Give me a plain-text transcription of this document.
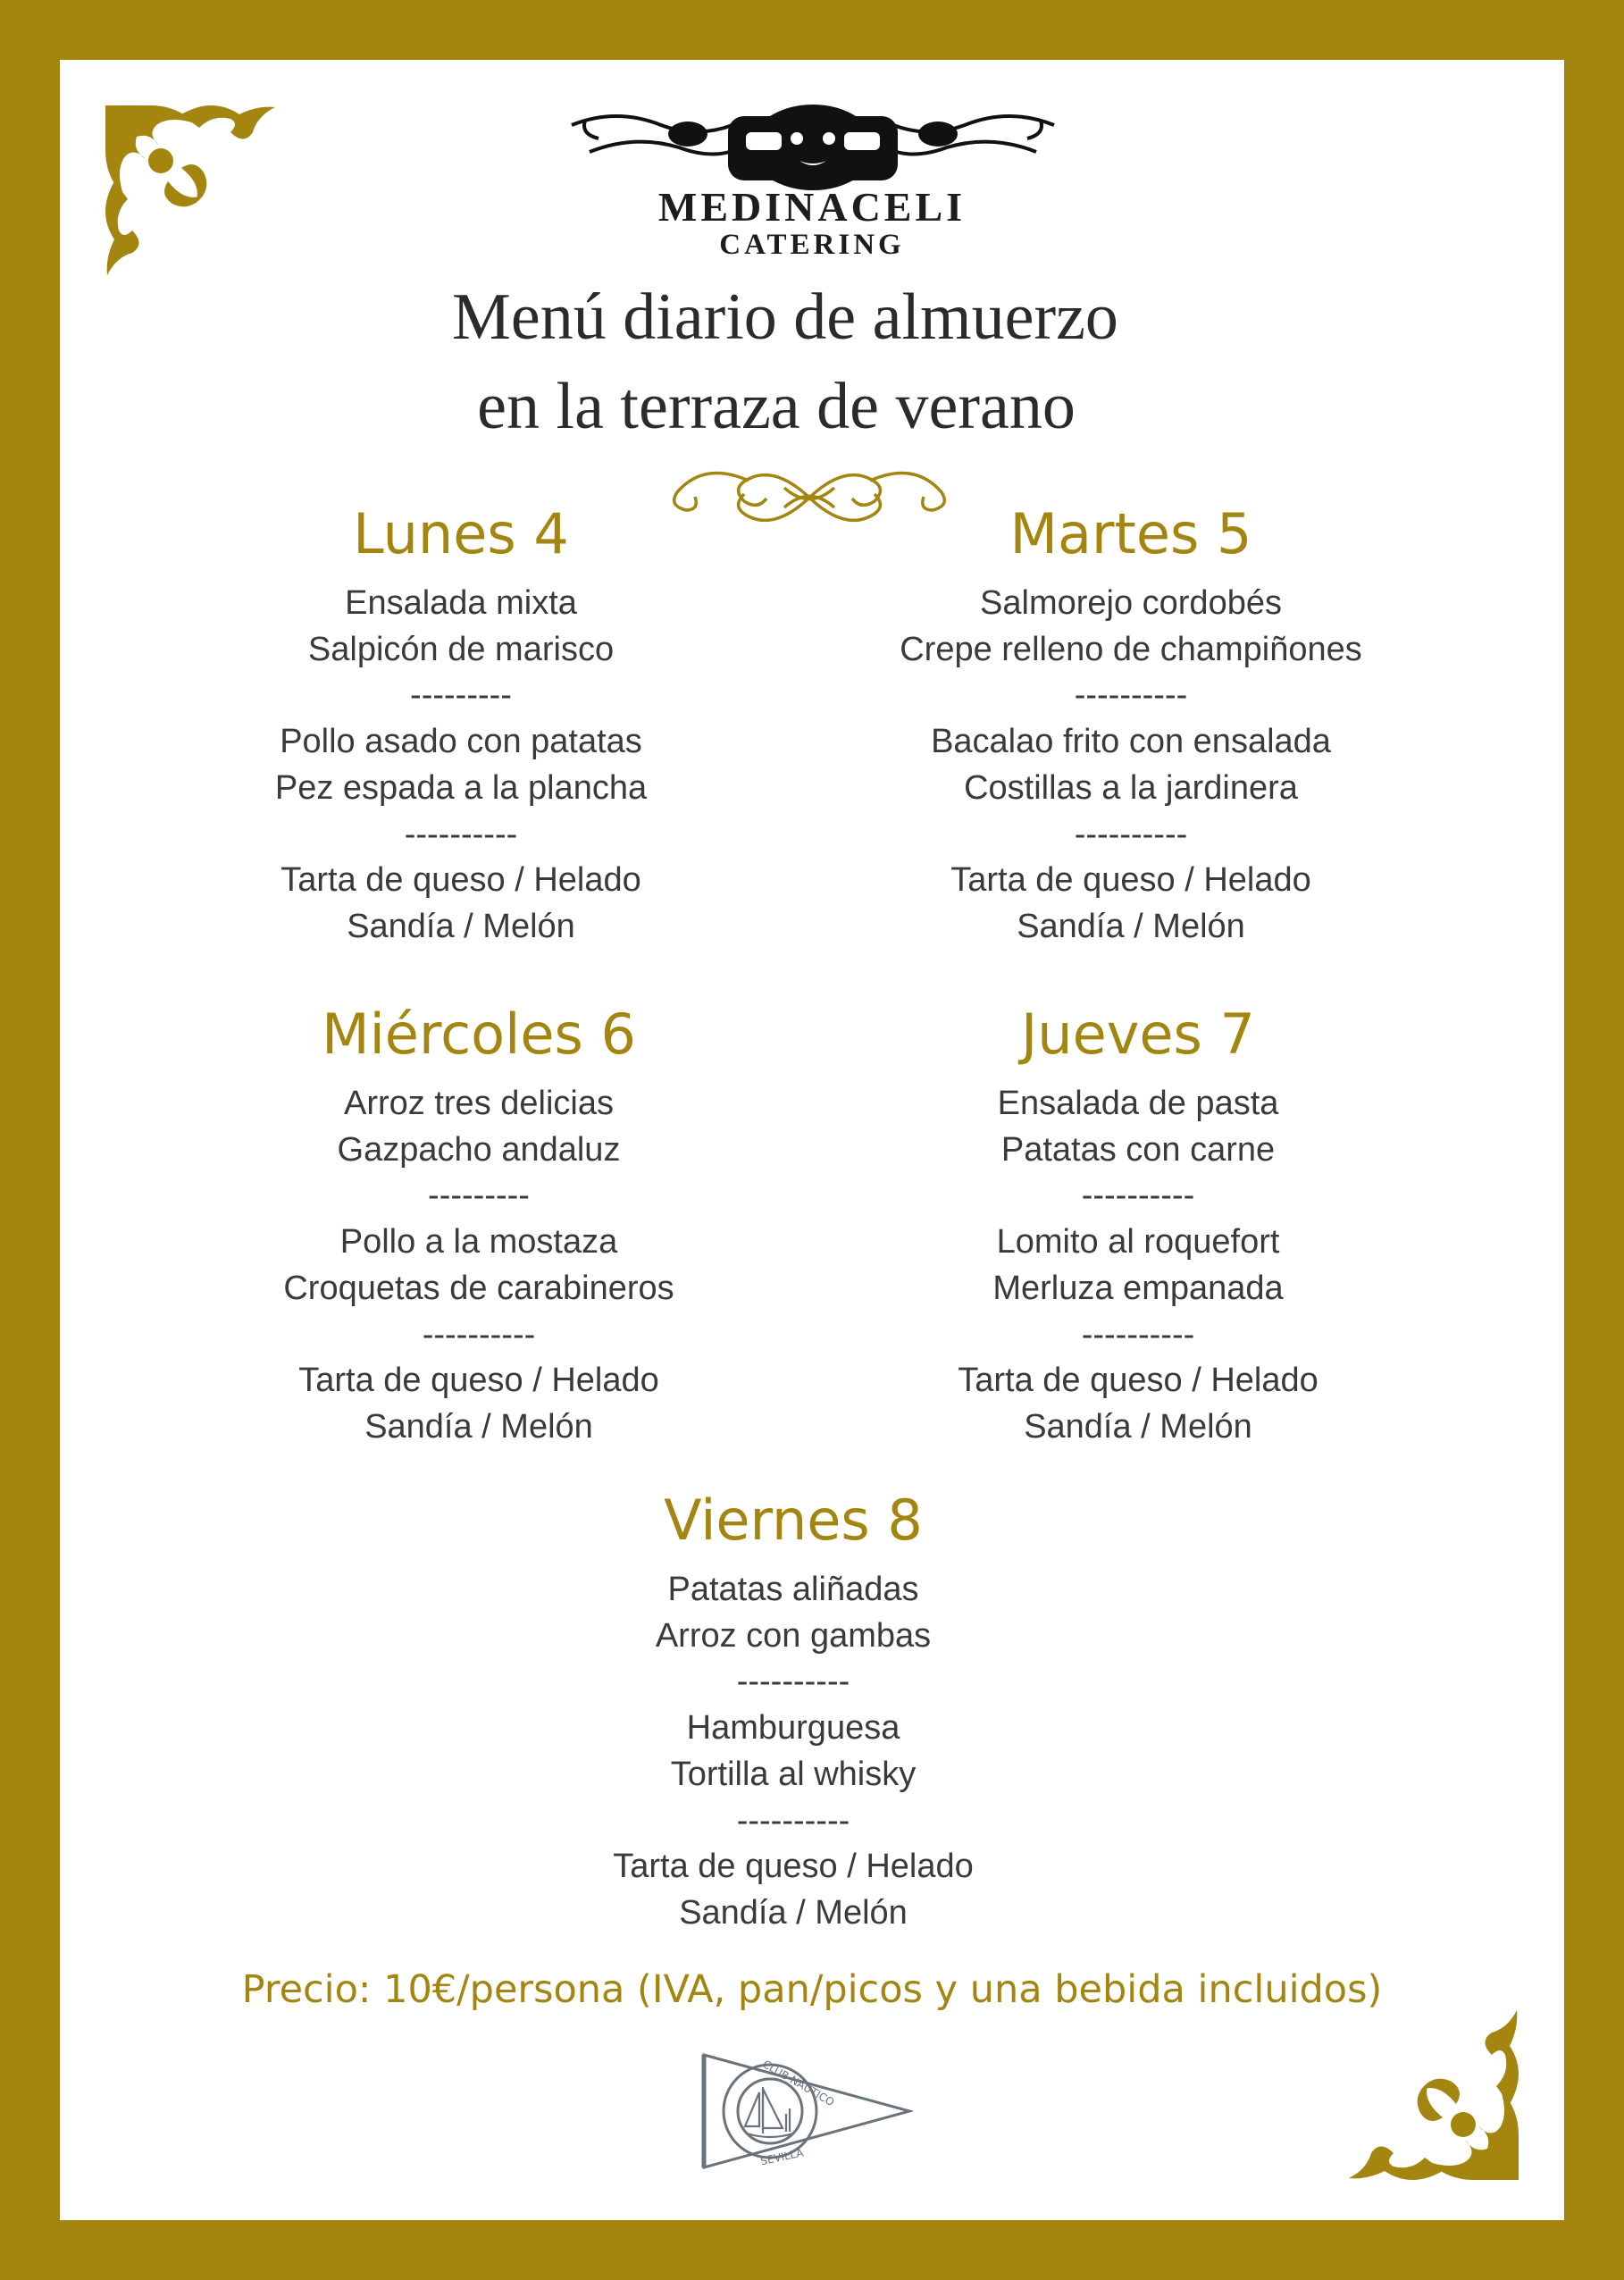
MEDINACELI
CATERING
Menú diario de almuerzo
en la terraza de verano
Lunes 4
Ensalada mixta
Salpicón de marisco
---------
Pollo asado con patatas
Pez espada a la plancha
----------
Tarta de queso / Helado
Sandía / Melón
Martes 5
Salmorejo cordobés
Crepe relleno de champiñones
----------
Bacalao frito con ensalada
Costillas a la jardinera
----------
Tarta de queso / Helado
Sandía / Melón
Miércoles 6
Arroz tres delicias
Gazpacho andaluz
---------
Pollo a la mostaza
Croquetas de carabineros
----------
Tarta de queso / Helado
Sandía / Melón
Jueves 7
Ensalada de pasta
Patatas con carne
----------
Lomito al roquefort
Merluza empanada
----------
Tarta de queso / Helado
Sandía / Melón
Viernes 8
Patatas aliñadas
Arroz con gambas
----------
Hamburguesa
Tortilla al whisky
----------
Tarta de queso / Helado
Sandía / Melón
Precio: 10€/persona (IVA, pan/picos y una bebida incluidos)
CLUB NÁUTICO
SEVILLA
